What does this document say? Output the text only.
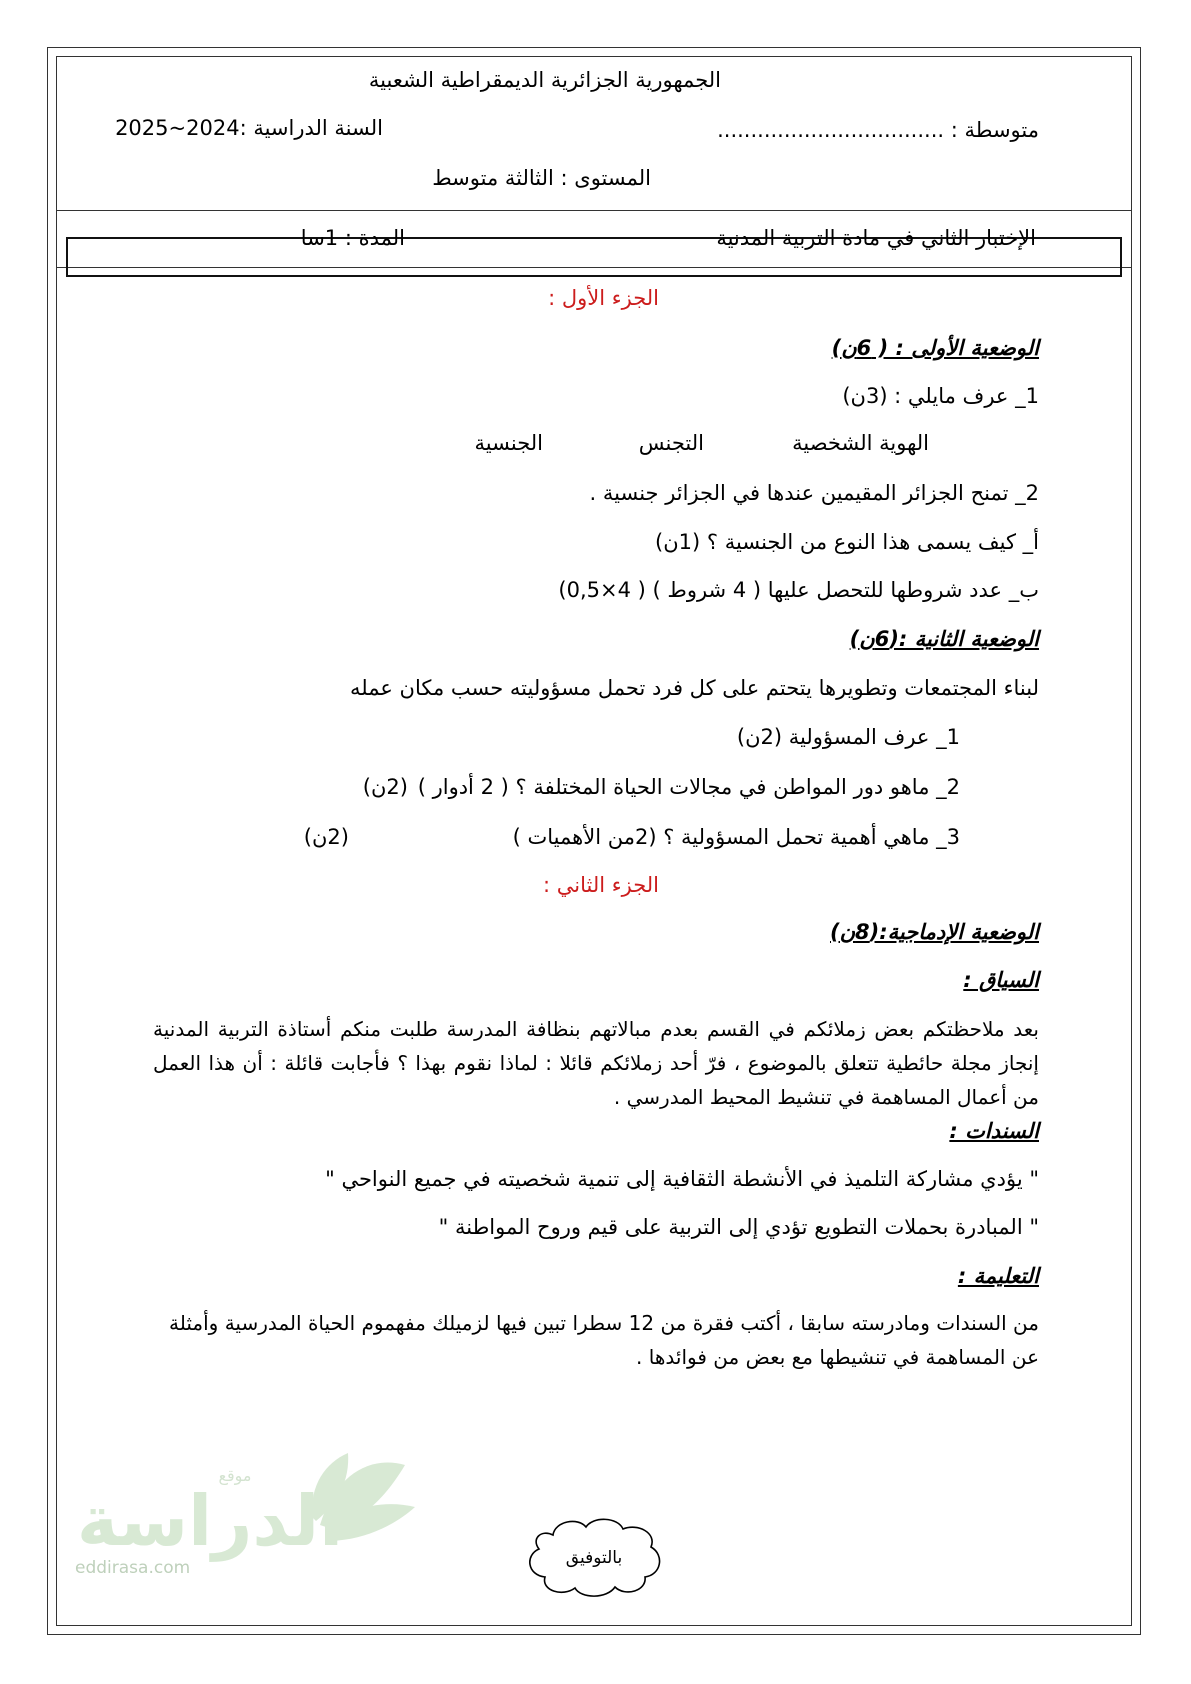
الجمهورية الجزائرية الديمقراطية الشعبية
متوسطة : ..................................
السنة الدراسية :2024~2025
المستوى : الثالثة متوسط
الإختبار الثاني في مادة التربية المدنية
المدة : 1سا
الجزء الأول :
الوضعية الأولى : ( 6ن)
1_ عرف مايلي : (3ن)
الهوية الشخصية
التجنس
الجنسية
2_ تمنح الجزائر المقيمين عندها في الجزائر جنسية .
أ_ كيف يسمى هذا النوع من الجنسية ؟ (1ن)
ب_ عدد شروطها للتحصل عليها ( 4 شروط ) ( 4×0,5)
الوضعية الثانية :(6ن)
لبناء المجتمعات وتطويرها يتحتم على كل فرد تحمل مسؤوليته حسب مكان عمله
1_ عرف المسؤولية (2ن)
2_ ماهو دور المواطن في مجالات الحياة المختلفة ؟ ( 2 أدوار )
(2ن)
3_ ماهي أهمية تحمل المسؤولية ؟ (2من الأهميات )
(2ن)
الجزء الثاني :
الوضعية الإدماجية:(8ن)
السياق :
بعد ملاحظتكم بعض زملائكم في القسم بعدم مبالاتهم بنظافة المدرسة طلبت منكم أستاذة التربية المدنية إنجاز مجلة حائطية تتعلق بالموضوع ، فرّ أحد زملائكم قائلا : لماذا نقوم بهذا ؟ فأجابت قائلة : أن هذا العمل من أعمال المساهمة في تنشيط المحيط المدرسي .
السندات :
" يؤدي مشاركة التلميذ في الأنشطة الثقافية إلى تنمية شخصيته في جميع النواحي "
" المبادرة بحملات التطويع تؤدي إلى التربية على قيم وروح المواطنة "
التعليمة :
من السندات ومادرسته سابقا ، أكتب فقرة من 12 سطرا تبين فيها لزميلك مفهموم الحياة المدرسية وأمثلة عن المساهمة في تنشيطها مع بعض من فوائدها .
موقع
الدراسة
eddirasa.com	بالتوفيق
